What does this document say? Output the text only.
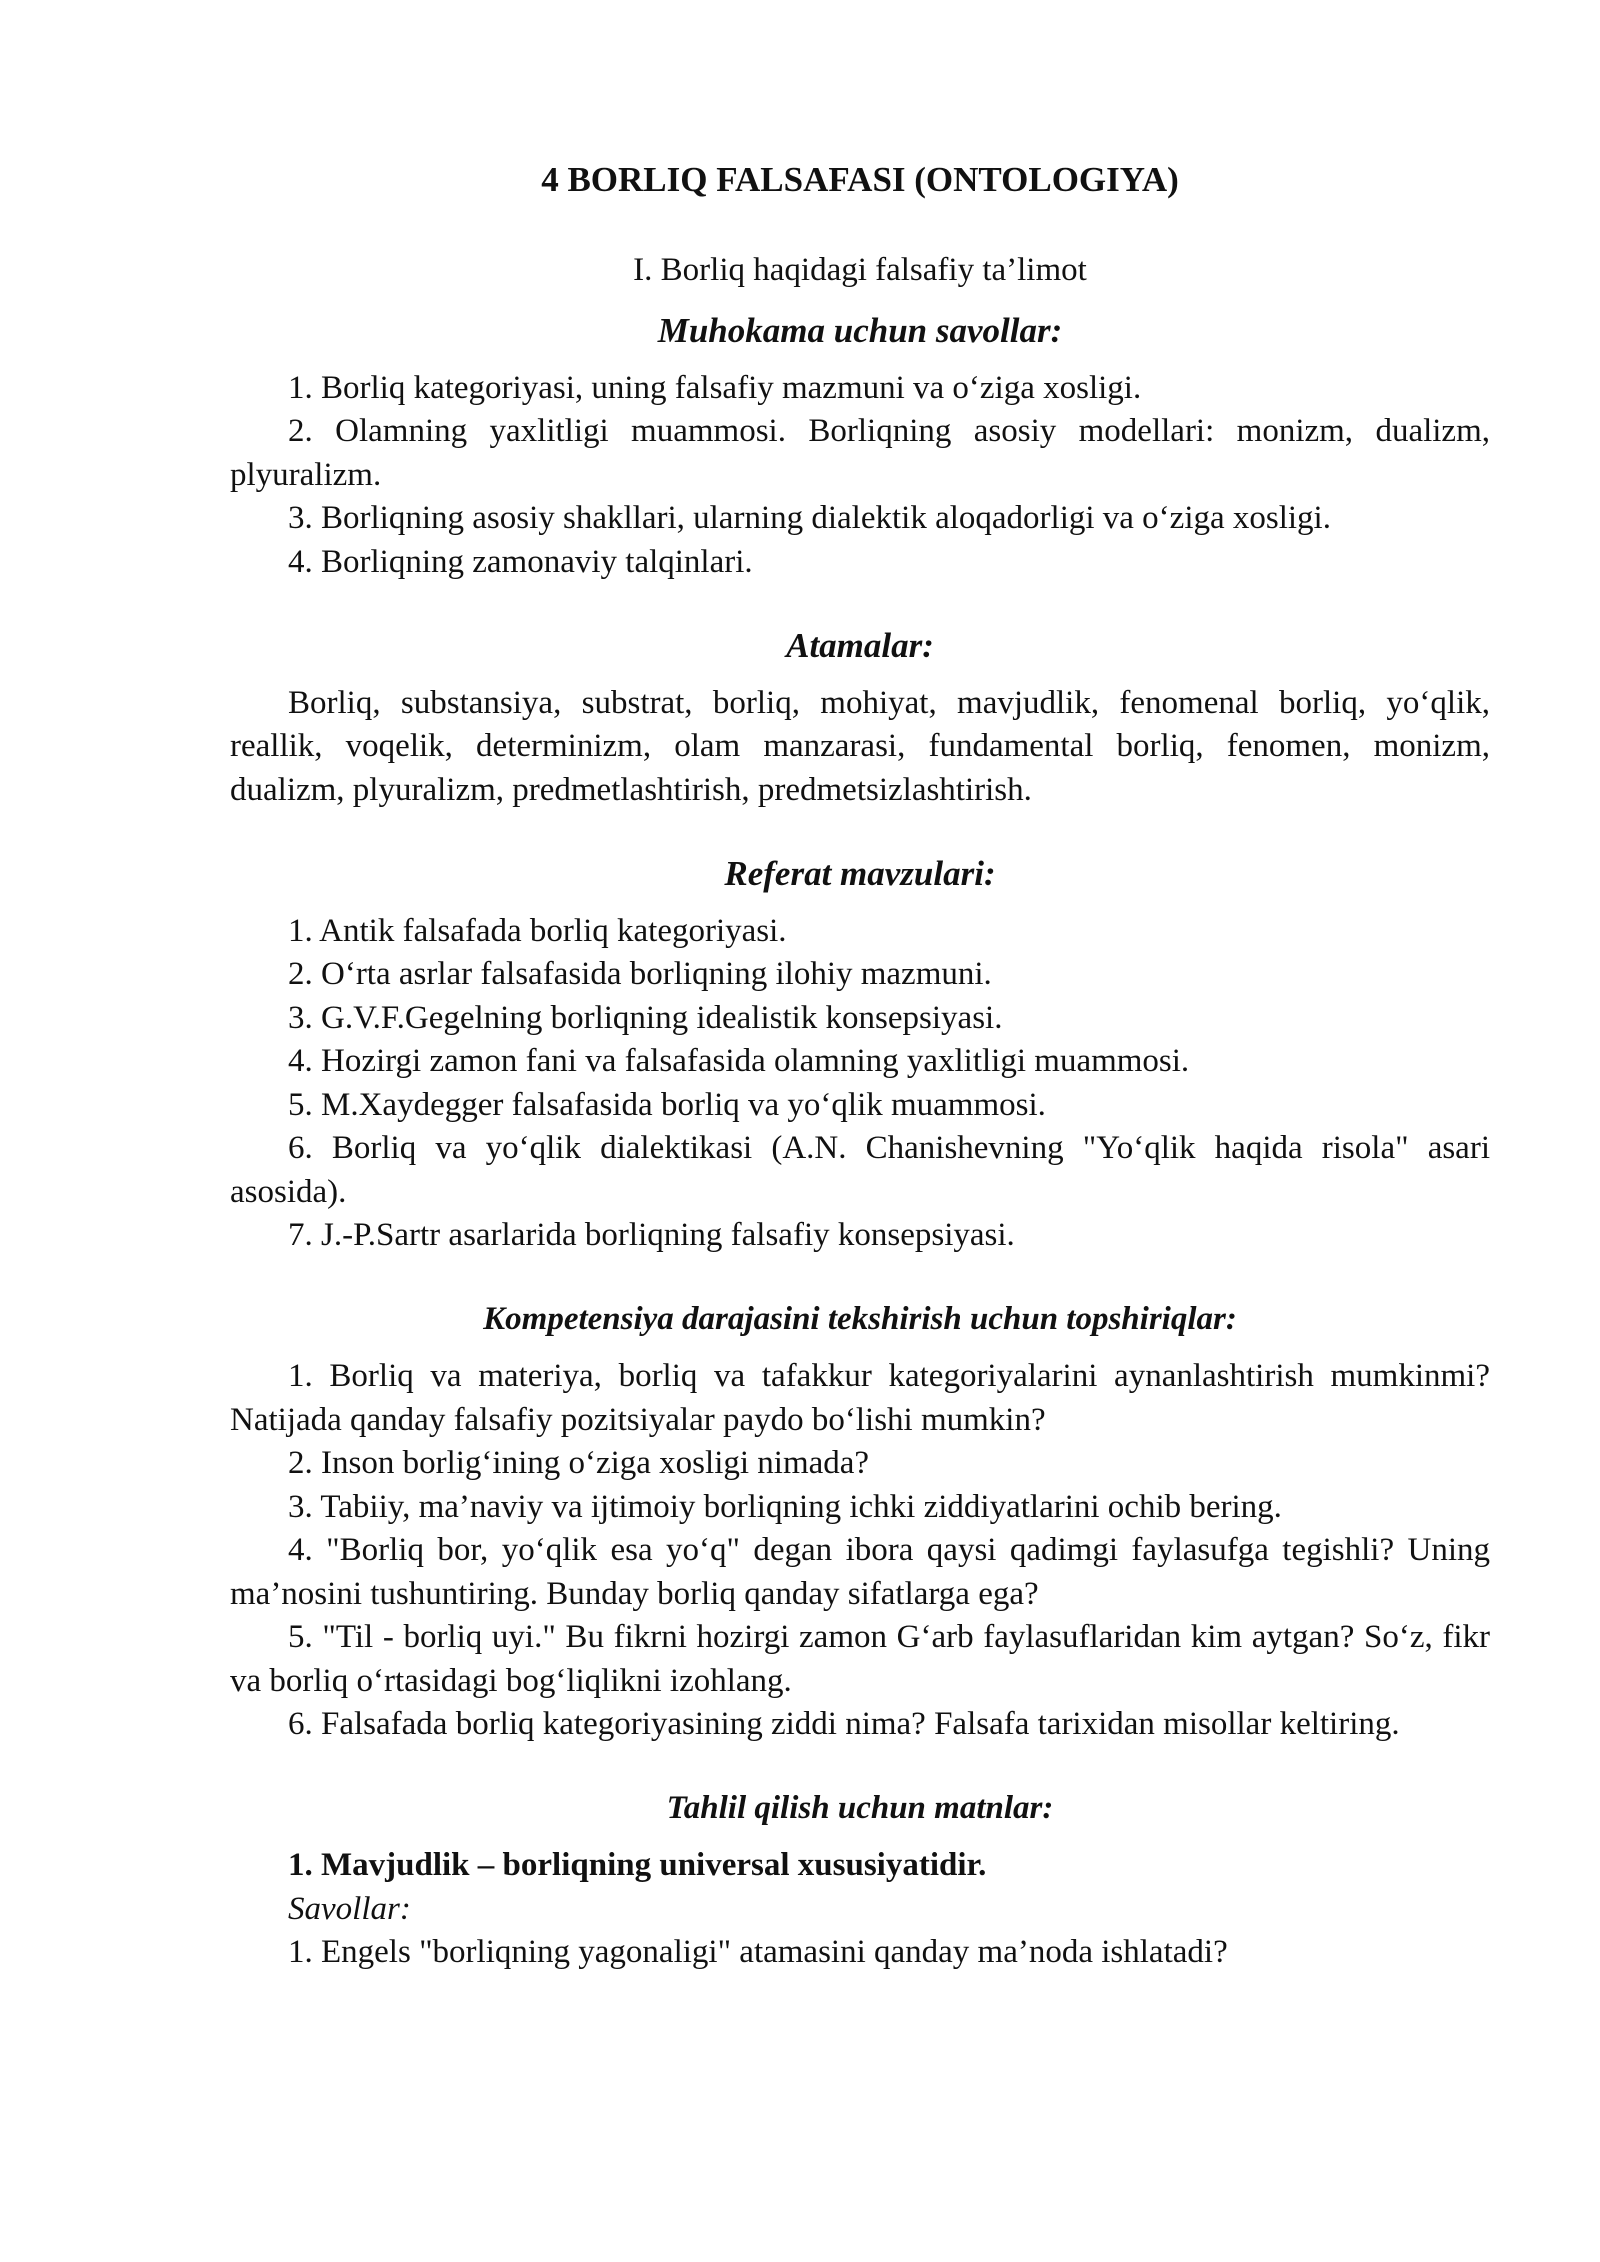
4 BORLIQ FALSAFASI (ONTOLOGIYA)
I. Borliq haqidagi falsafiy ta’limot
Muhokama uchun savollar:

1. Borliq kategoriyasi, uning falsafiy mazmuni va o‘ziga xosligi.

2. Olamning yaxlitligi muammosi. Borliqning asosiy modellari: monizm, dualizm, plyuralizm.

3. Borliqning asosiy shakllari, ularning dialektik aloqadorligi va o‘ziga xosligi.

4. Borliqning zamonaviy talqinlari.

Atamalar:

Borliq, substansiya, substrat, borliq, mohiyat, mavjudlik, fenomenal borliq, yo‘qlik, reallik, voqelik, determinizm, olam manzarasi, fundamental borliq, fenomen, monizm, dualizm, plyuralizm, predmetlashtirish, predmetsizlashtirish.

Referat mavzulari:

1. Antik falsafada borliq kategoriyasi.

2. O‘rta asrlar falsafasida borliqning ilohiy mazmuni.

3. G.V.F.Gegelning borliqning idealistik konsepsiyasi.

4. Hozirgi zamon fani va falsafasida olamning yaxlitligi muammosi.

5. M.Xaydegger falsafasida borliq va yo‘qlik muammosi.

6. Borliq va yo‘qlik dialektikasi (A.N. Chanishevning "Yo‘qlik haqida risola" asari asosida).

7. J.-P.Sartr asarlarida borliqning falsafiy konsepsiyasi.

Kompetensiya darajasini tekshirish uchun topshiriqlar:

1. Borliq va materiya, borliq va tafakkur kategoriyalarini aynanlashtirish mumkinmi? Natijada qanday falsafiy pozitsiyalar paydo bo‘lishi mumkin?

2. Inson borlig‘ining o‘ziga xosligi nimada?

3. Tabiiy, ma’naviy va ijtimoiy borliqning ichki ziddiyatlarini ochib bering.

4. "Borliq bor, yo‘qlik esa yo‘q" degan ibora qaysi qadimgi faylasufga tegishli? Uning ma’nosini tushuntiring. Bunday borliq qanday sifatlarga ega?

5. "Til - borliq uyi." Bu fikrni hozirgi zamon G‘arb faylasuflaridan kim aytgan? So‘z, fikr va borliq o‘rtasidagi bog‘liqlikni izohlang.

6. Falsafada borliq kategoriyasining ziddi nima? Falsafa tarixidan misollar keltiring.

Tahlil qilish uchun matnlar:

1. Mavjudlik – borliqning universal xususiyatidir.

Savollar:

1. Engels "borliqning yagonaligi" atamasini qanday ma’noda ishlatadi?
